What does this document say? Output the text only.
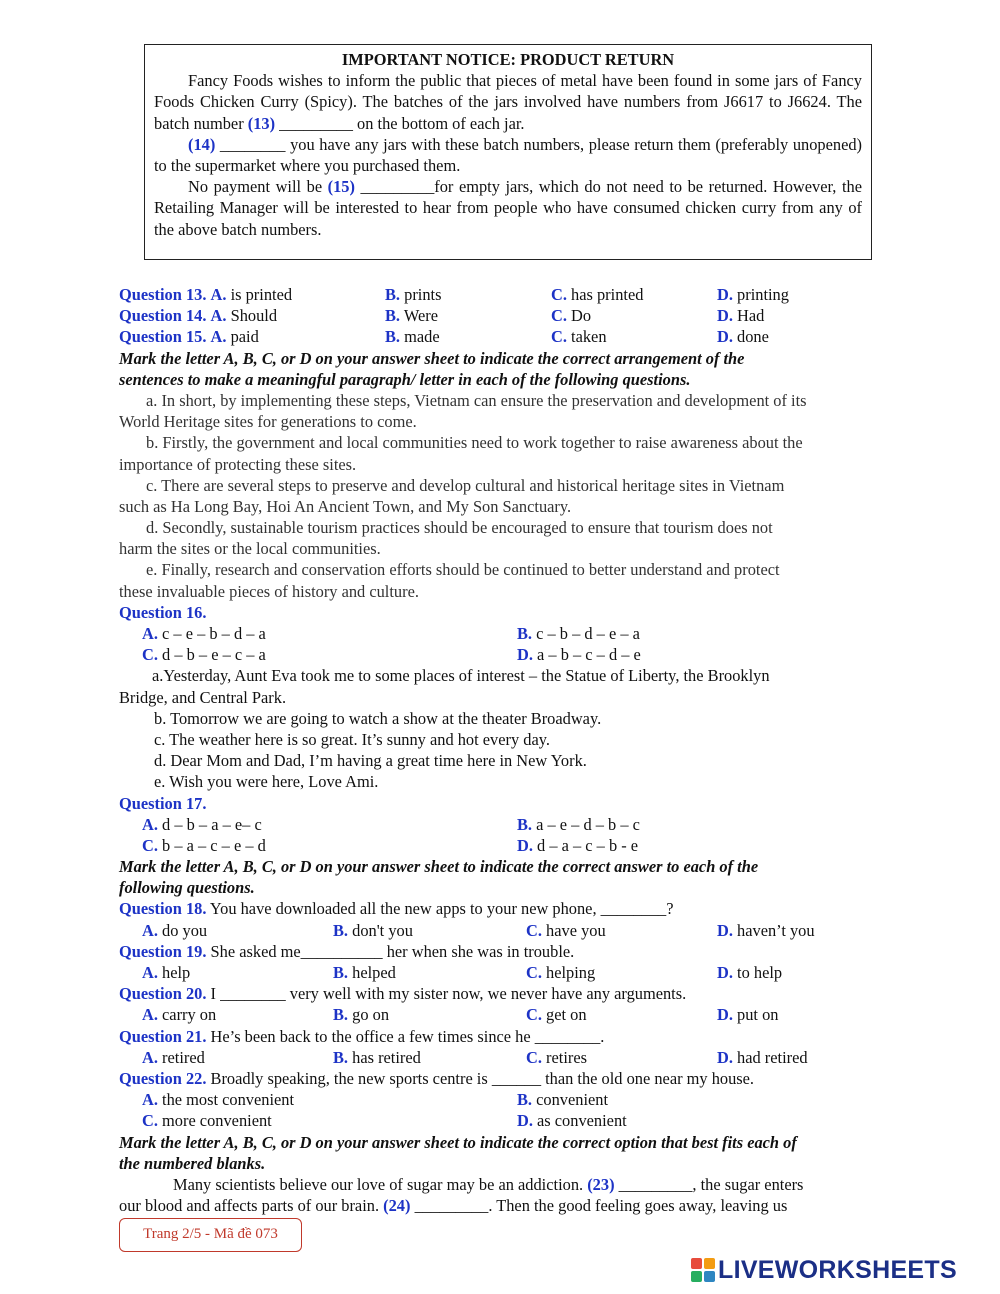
IMPORTANT NOTICE: PRODUCT RETURN

Fancy Foods wishes to inform the public that pieces of metal have been found in some jars of Fancy Foods Chicken Curry (Spicy). The batches of the jars involved have numbers from J6617 to J6624. The batch number (13) _________ on the bottom of each jar.

(14) ________ you have any jars with these batch numbers, please return them (preferably unopened) to the supermarket where you purchased them.

No payment will be (15) _________for empty jars, which do not need to be returned. However, the Retailing Manager will be interested to hear from people who have consumed chicken curry from any of the above batch numbers.

Question 13. A. is printed	B. prints	C. has printed	D. printing
Question 14. A. Should	B. Were	C. Do	D. Had
Question 15. A. paid	B. made	C. taken	D. done
Mark the letter A, B, C, or D on your answer sheet to indicate the correct arrangement of the
sentences to make a meaningful paragraph/ letter in each of the following questions.
a. In short, by implementing these steps, Vietnam can ensure the preservation and development of its
World Heritage sites for generations to come.
b. Firstly, the government and local communities need to work together to raise awareness about the
importance of protecting these sites.
c. There are several steps to preserve and develop cultural and historical heritage sites in Vietnam
such as Ha Long Bay, Hoi An Ancient Town, and My Son Sanctuary.
d. Secondly, sustainable tourism practices should be encouraged to ensure that tourism does not
harm the sites or the local communities.
e. Finally, research and conservation efforts should be continued to better understand and protect
these invaluable pieces of history and culture.
Question 16.
A. c – e – b – d – a	B. c – b – d – e – a
C. d – b – e – c – a	D. a – b – c – d – e
a.Yesterday, Aunt Eva took me to some places of interest – the Statue of Liberty, the Brooklyn
Bridge, and Central Park.
b. Tomorrow we are going to watch a show at the theater Broadway.
c. The weather here is so great. It’s sunny and hot every day.
d. Dear Mom and Dad, I’m having a great time here in New York.
e. Wish you were here, Love Ami.
Question 17.
A. d – b – a – e– c	B. a – e – d – b – c
C. b – a – c – e – d	D. d – a – c – b - e
Mark the letter A, B, C, or D on your answer sheet to indicate the correct answer to each of the
following questions.
Question 18. You have downloaded all the new apps to your new phone, ________?
A. do you	B. don't you	C. have you	D. haven’t you
Question 19. She asked me__________ her when she was in trouble.
A. help	B. helped	C. helping	D. to help
Question 20. I ________ very well with my sister now, we never have any arguments.
A. carry on	B. go on	C. get on	D. put on
Question 21. He’s been back to the office a few times since he ________.
A. retired	B. has retired	C. retires	D. had retired
Question 22. Broadly speaking, the new sports centre is ______ than the old one near my house.
A. the most convenient	B. convenient
C. more convenient	D. as convenient
Mark the letter A, B, C, or D on your answer sheet to indicate the correct option that best fits each of
the numbered blanks.
Many scientists believe our love of sugar may be an addiction. (23) _________, the sugar enters
our blood and affects parts of our brain. (24) _________. Then the good feeling goes away, leaving us
Trang 2/5 - Mã đề 073
LIVEWORKSHEETS
